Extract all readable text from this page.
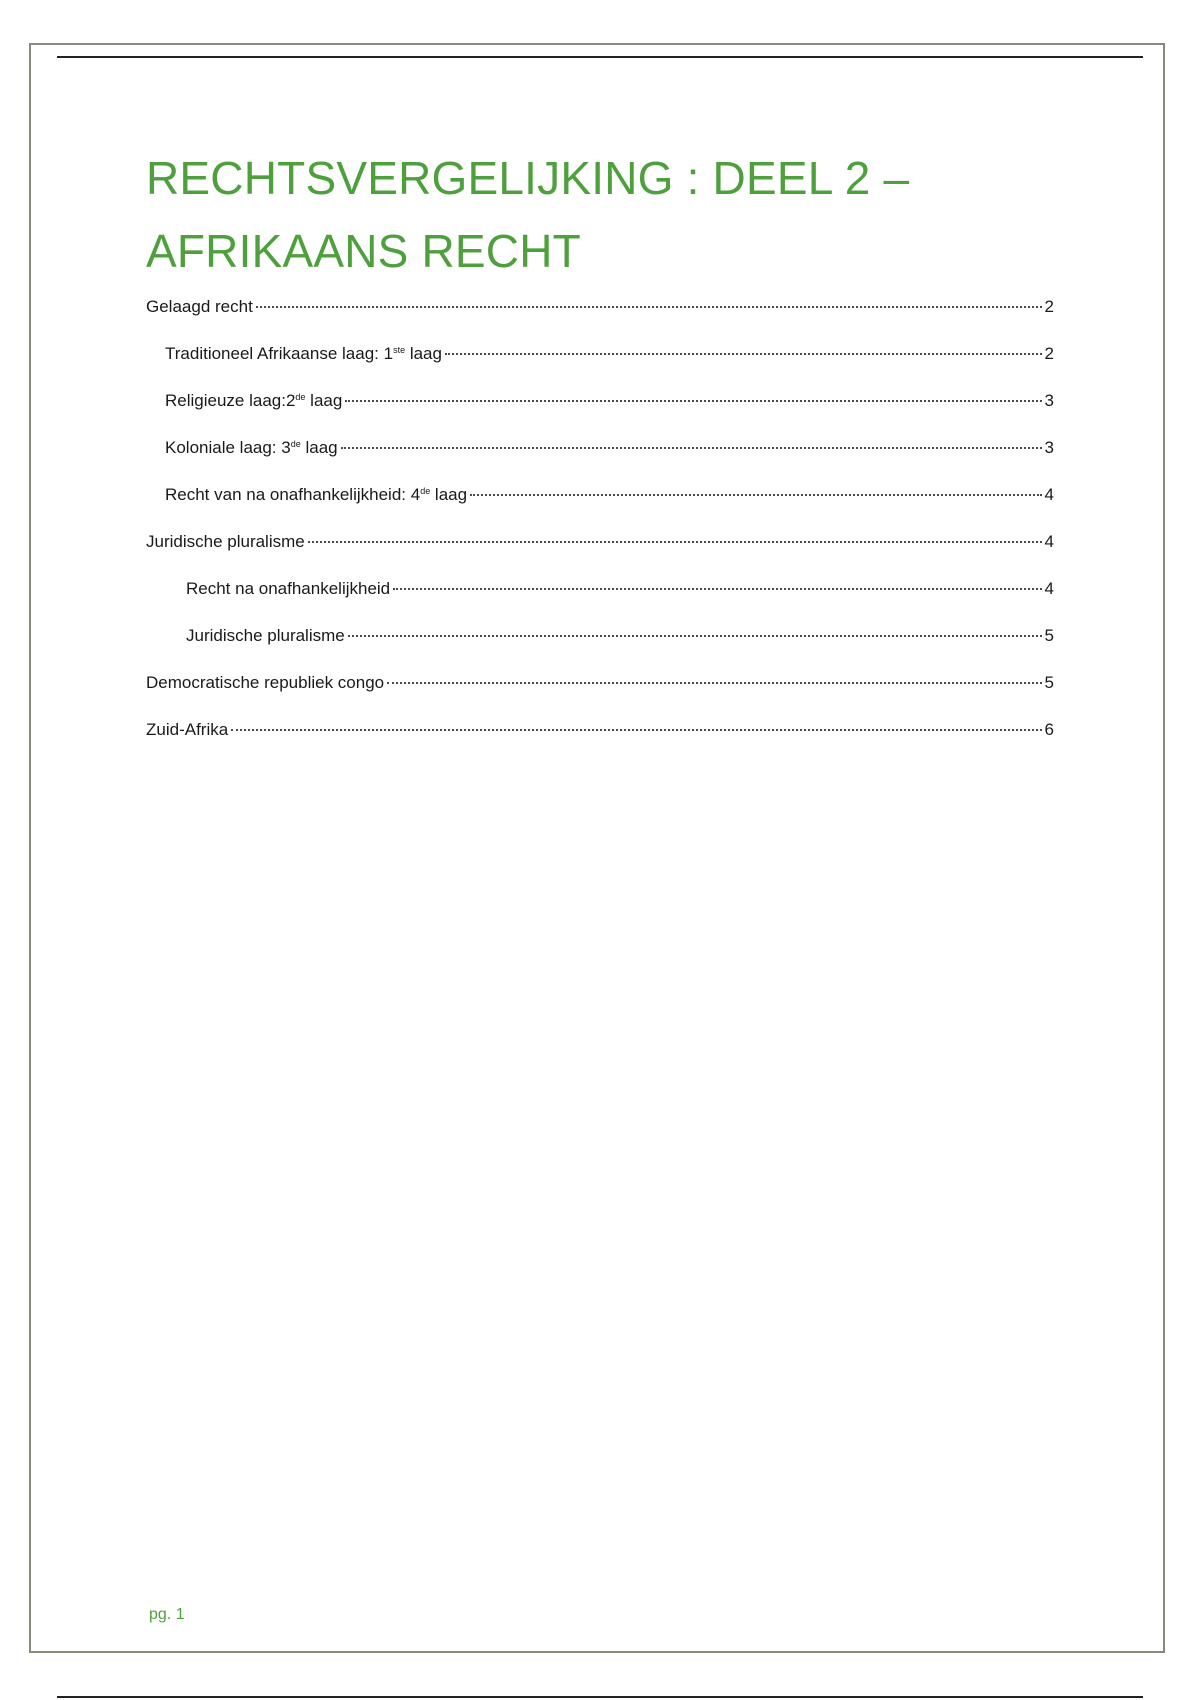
RECHTSVERGELIJKING : DEEL 2 –
AFRIKAANS RECHT
Gelaagd recht	2
Traditioneel Afrikaanse laag: 1ste laag	2
Religieuze laag:2de laag	3
Koloniale laag: 3de laag	3
Recht van na onafhankelijkheid: 4de laag	4
Juridische pluralisme	4
Recht na onafhankelijkheid	4
Juridische pluralisme	5
Democratische republiek congo	5
Zuid-Afrika	6
pg. 1
